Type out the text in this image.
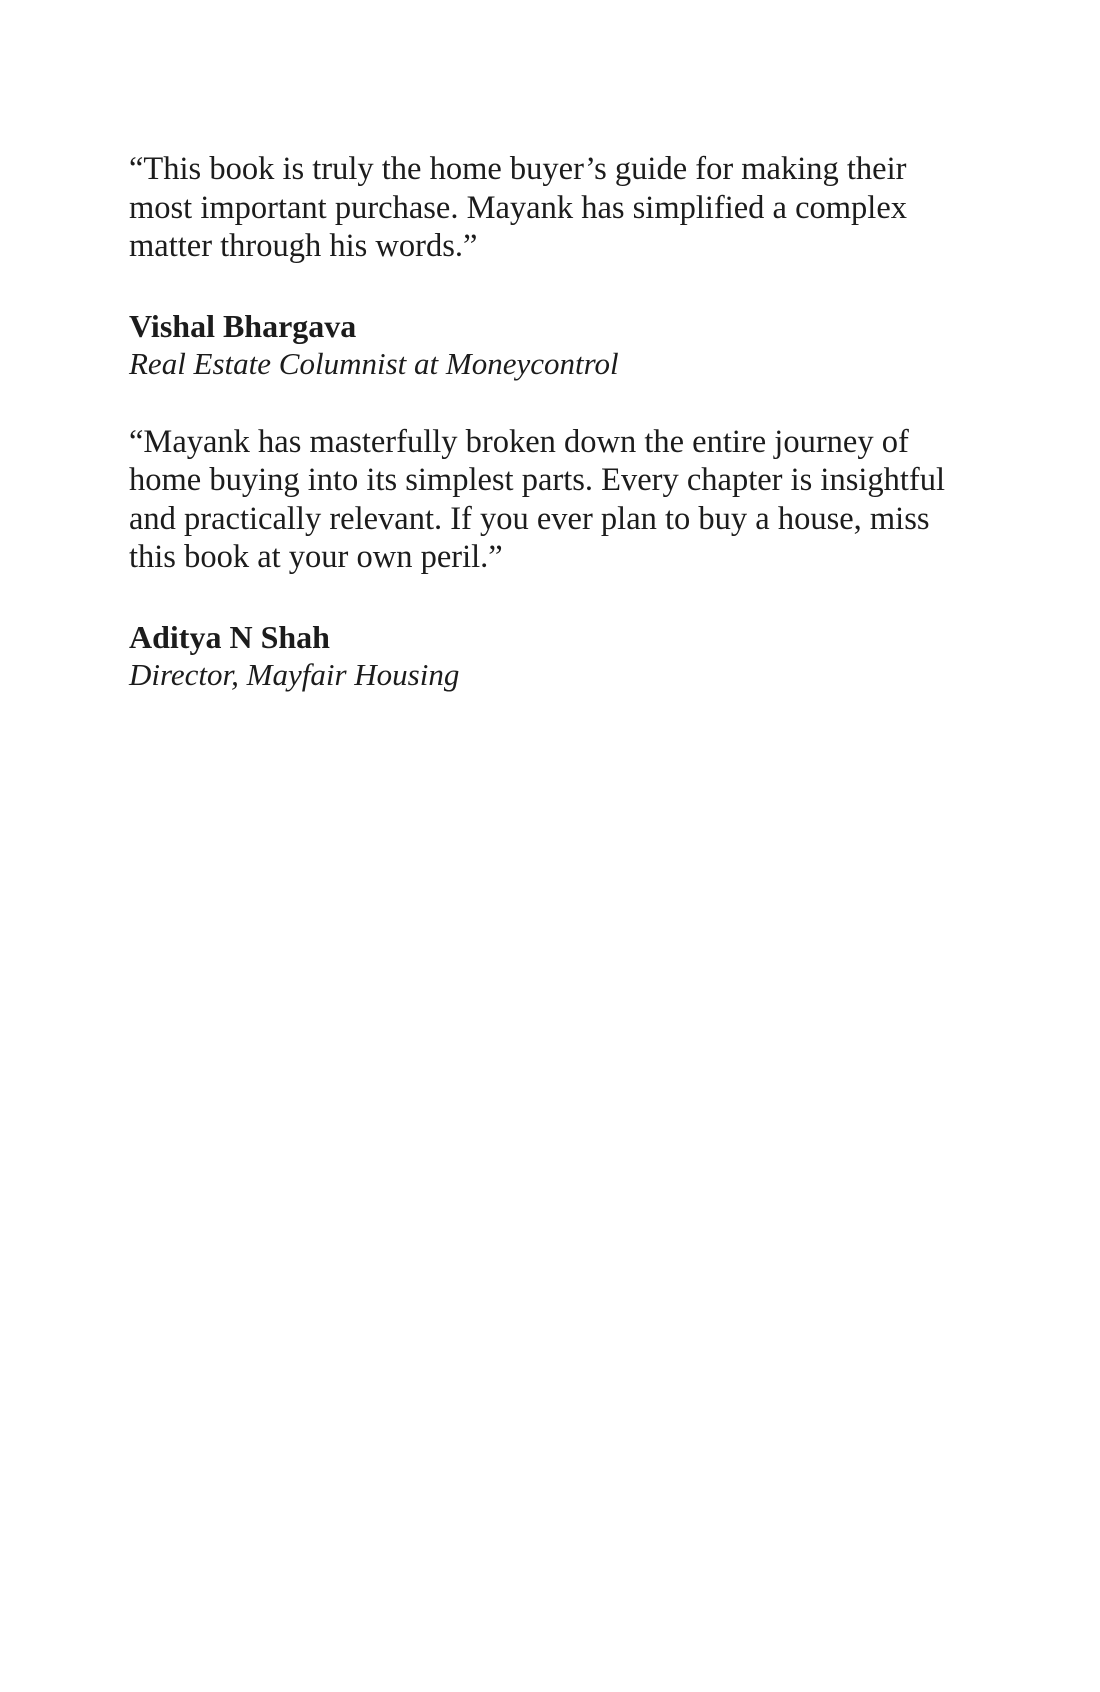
“This book is truly the home buyer’s guide for making their
most important purchase. Mayank has simplified a complex
matter through his words.”

Vishal Bhargava

Real Estate Columnist at Moneycontrol

“Mayank has masterfully broken down the entire journey of
home buying into its simplest parts. Every chapter is insightful
and practically relevant. If you ever plan to buy a house, miss
this book at your own peril.”

Aditya N Shah

Director, Mayfair Housing
